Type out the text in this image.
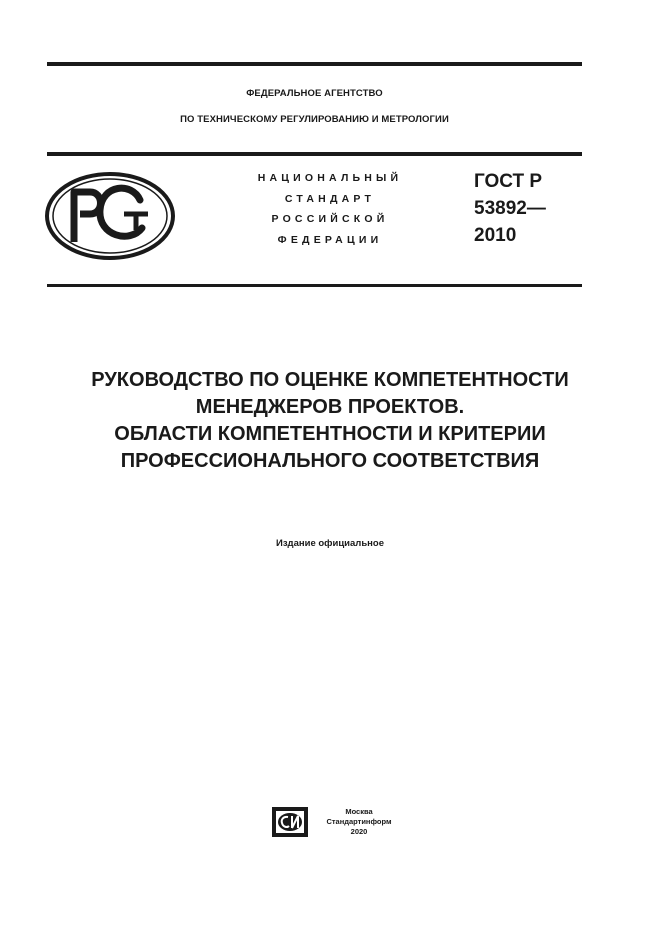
ФЕДЕРАЛЬНОЕ АГЕНТСТВО
ПО ТЕХНИЧЕСКОМУ РЕГУЛИРОВАНИЮ И МЕТРОЛОГИИ
НАЦИОНАЛЬНЫЙ
СТАНДАРТ
РОССИЙСКОЙ
ФЕДЕРАЦИИ
ГОСТ Р
53892—
2010
РУКОВОДСТВО ПО ОЦЕНКЕ КОМПЕТЕНТНОСТИ
МЕНЕДЖЕРОВ ПРОЕКТОВ.
ОБЛАСТИ КОМПЕТЕНТНОСТИ И КРИТЕРИИ
ПРОФЕССИОНАЛЬНОГО СООТВЕТСТВИЯ
Издание официальное
Москва
Стандартинформ
2020
